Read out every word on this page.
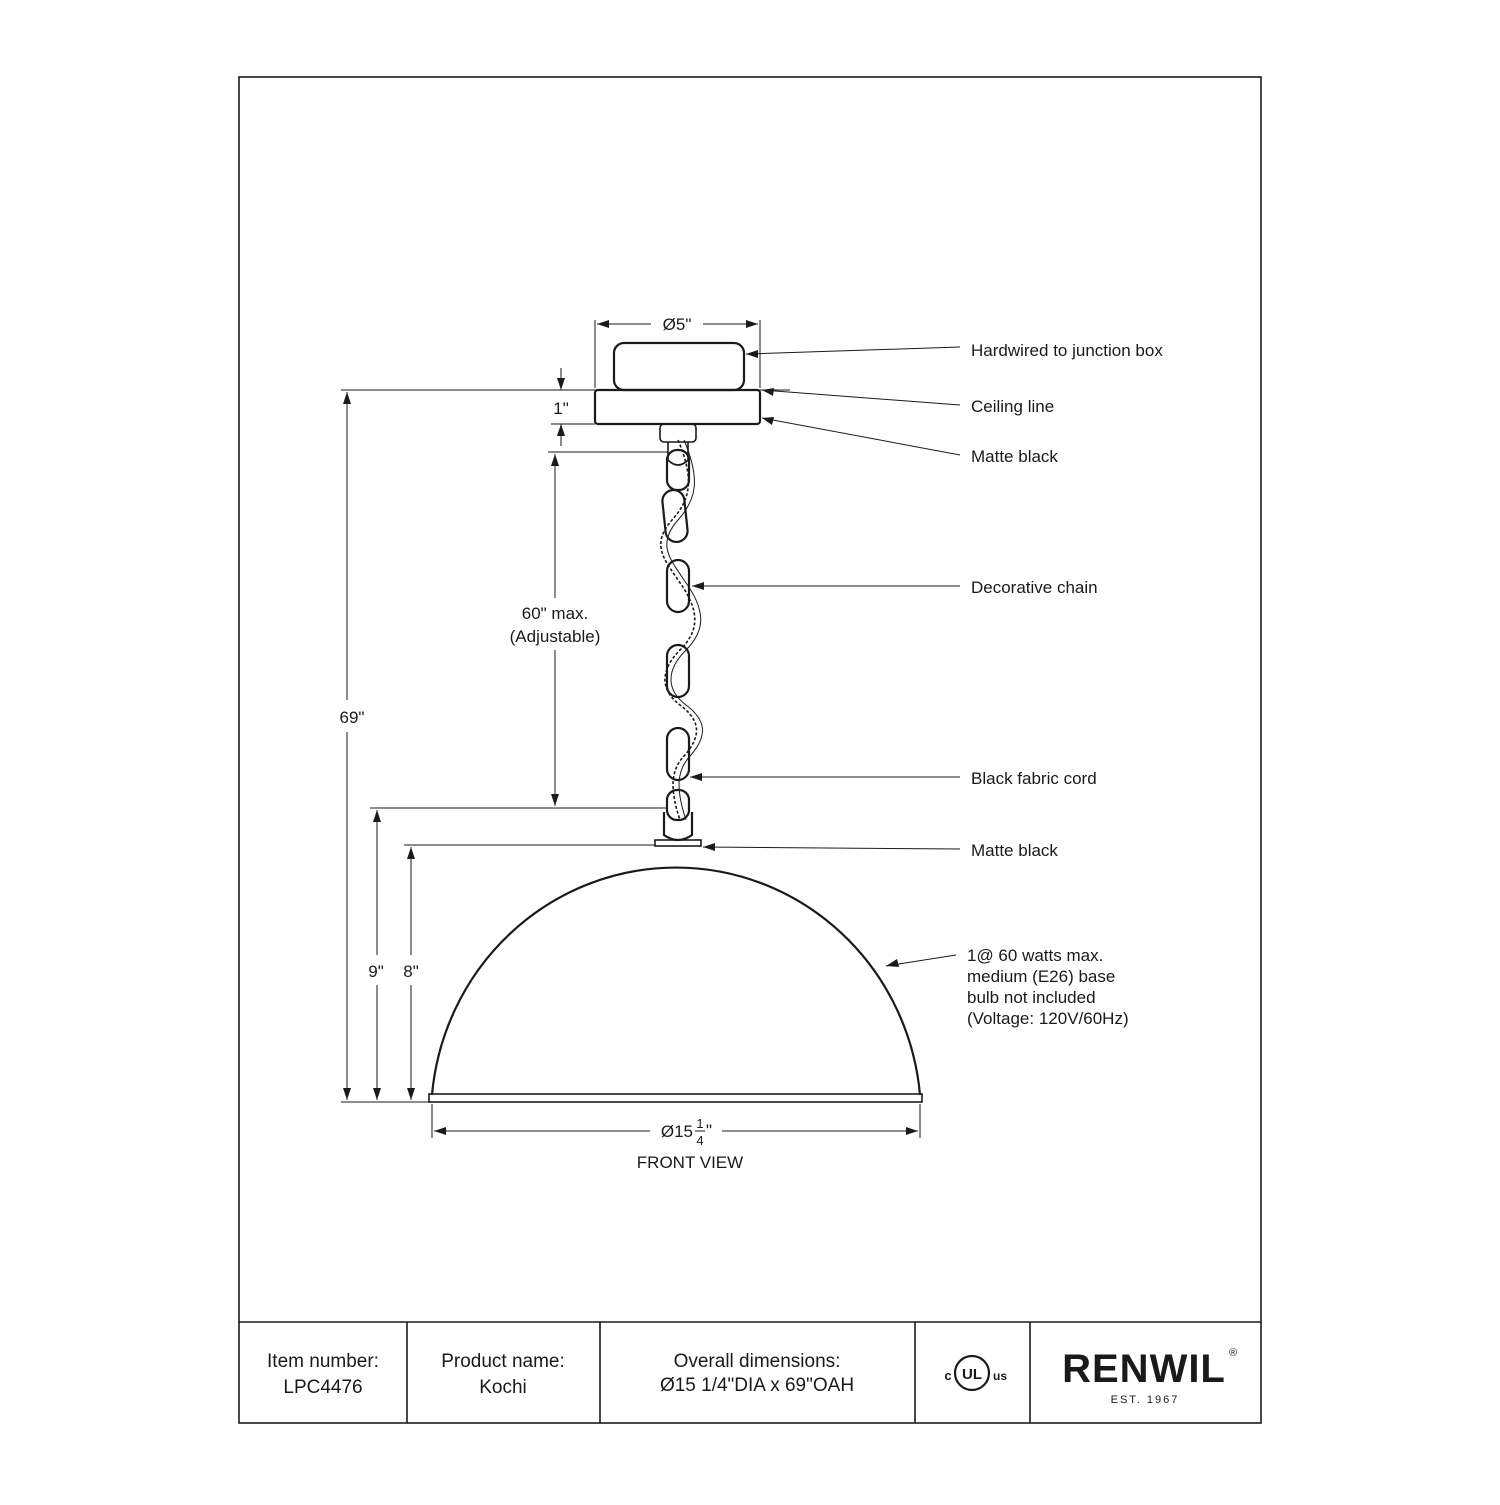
Ø5"
1"
60" max.
(Adjustable)
69"
9" 8"
Ø15 1
4
"
FRONT VIEW
Hardwired to junction box
Ceiling line
Matte black
Decorative chain
Black fabric cord
Matte black
1@ 60 watts max.
medium (E26) base
bulb not included
(Voltage: 120V/60Hz)
Item number:
LPC4476
Product name:
Kochi
Overall dimensions:
Ø15 1/4"DIA x 69"OAH	c UL us RENWIL ®
EST. 1967
